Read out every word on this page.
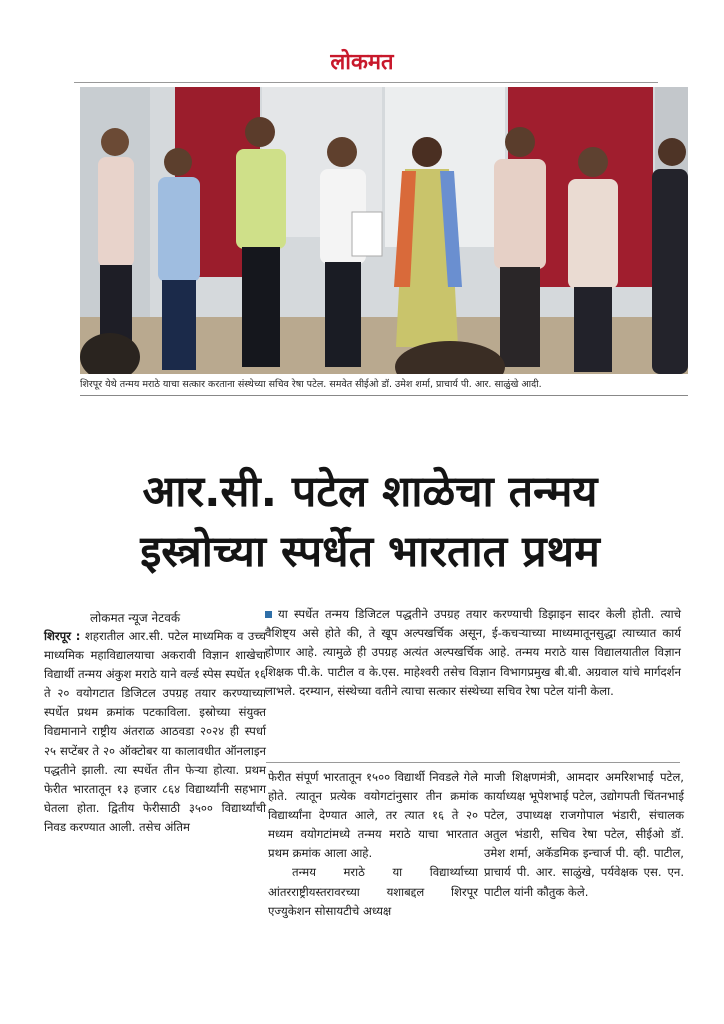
लोकमत
शिरपूर येथे तन्मय मराठे याचा सत्कार करताना संस्थेच्या सचिव रेषा पटेल. समवेत सीईओ डॉ. उमेश शर्मा, प्राचार्य पी. आर. साळुंखे आदी.
आर.सी. पटेल शाळेचा तन्मय
इस्त्रोच्या स्पर्धेत भारतात प्रथम
लोकमत न्यूज नेटवर्क

शिरपूर : शहरातील आर.सी. पटेल माध्यमिक व उच्च माध्यमिक महाविद्यालयाचा अकरावी विज्ञान शाखेचा विद्यार्थी तन्मय अंकुश मराठे याने वर्ल्ड स्पेस स्पर्धेत १६ ते २० वयोगटात डिजिटल उपग्रह तयार करण्याच्या स्पर्धेत प्रथम क्रमांक पटकाविला. इस्रोच्या संयुक्त विद्यमानाने राष्ट्रीय अंतराळ आठवडा २०२४ ही स्पर्धा २५ सप्टेंबर ते २० ऑक्टोबर या कालावधीत ऑनलाइन पद्धतीने झाली. त्या स्पर्धेत तीन फेऱ्या होत्या. प्रथम फेरीत भारतातून १३ हजार ८६४ विद्यार्थ्यांनी सहभाग घेतला होता. द्वितीय फेरीसाठी ३५०० विद्यार्थ्यांची निवड करण्यात आली. तसेच अंतिम

या स्पर्धेत तन्मय डिजिटल पद्धतीने उपग्रह तयार करण्याची डिझाइन सादर केली होती. त्याचे वैशिष्ट्य असे होते की, ते खूप अल्पखर्चिक असून, ई-कचऱ्याच्या माध्यमातूनसुद्धा त्याच्यात कार्य होणार आहे. त्यामुळे ही उपग्रह अत्यंत अल्पखर्चिक आहे. तन्मय मराठे यास विद्यालयातील विज्ञान शिक्षक पी.के. पाटील व के.एस. माहेश्वरी तसेच विज्ञान विभागप्रमुख बी.बी. अग्रवाल यांचे मार्गदर्शन लाभले. दरम्यान, संस्थेच्या वतीने त्याचा सत्कार संस्थेच्या सचिव रेषा पटेल यांनी केला.

फेरीत संपूर्ण भारतातून १५०० विद्यार्थी निवडले गेले होते. त्यातून प्रत्येक वयोगटांनुसार तीन क्रमांक विद्यार्थ्यांना देण्यात आले, तर त्यात १६ ते २० मध्यम वयोगटांमध्ये तन्मय मराठे याचा भारतात प्रथम क्रमांक आला आहे.

तन्मय मराठे या विद्यार्थ्याच्या आंतरराष्ट्रीयस्तरावरच्या यशाबद्दल शिरपूर एज्युकेशन सोसायटीचे अध्यक्ष

माजी शिक्षणमंत्री, आमदार अमरिशभाई पटेल, कार्याध्यक्ष भूपेशभाई पटेल, उद्योगपती चिंतनभाई पटेल, उपाध्यक्ष राजगोपाल भंडारी, संचालक अतुल भंडारी, सचिव रेषा पटेल, सीईओ डॉ. उमेश शर्मा, अकॅडमिक इन्चार्ज पी. व्ही. पाटील, प्राचार्य पी. आर. साळुंखे, पर्यवेक्षक एस. एन. पाटील यांनी कौतुक केले.
